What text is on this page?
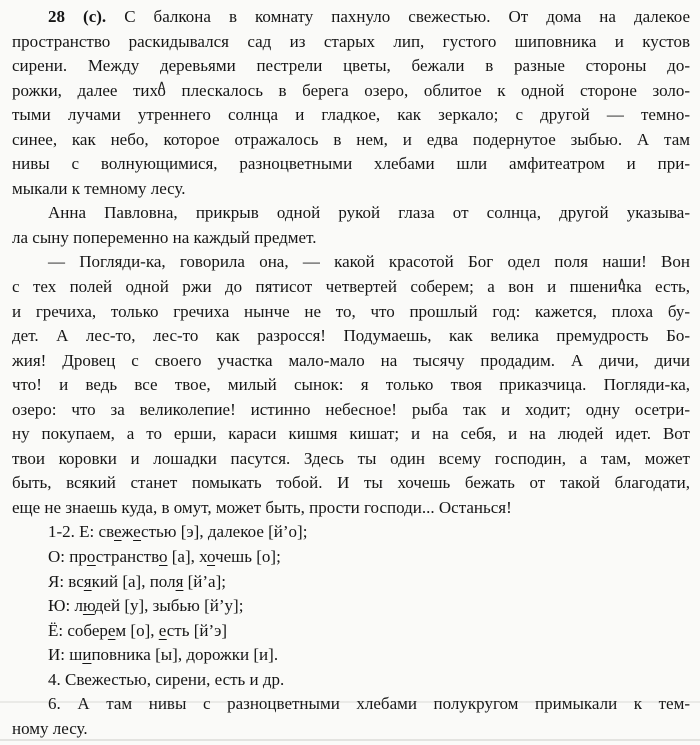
28 (с). С балкона в комнату пахнуло свежестью. От дома на далекое
пространство раскидывался сад из старых лип, густого шиповника и кустов
сирени. Между деревьями пестрели цветы, бежали в разные стороны до-
рожки, далее тихо ∧ плескалось в берега озеро, облитое к одной стороне золо-
тыми лучами утреннего солнца и гладкое, как зеркало; с другой — темно-
синее, как небо, которое отражалось в нем, и едва подернутое зыбью. А там
нивы с волнующимися, разноцветными хлебами шли амфитеатром и при-
мыкали к темному лесу.
Анна Павловна, прикрыв одной рукой глаза от солнца, другой указыва-
ла сыну попеременно на каждый предмет.
— Погляди-ка, говорила она, — какой красотой Бог одел поля наши! Вон
с тех полей одной ржи до пятисот четвертей соберем; а вон и пшенич ∧ка есть,
и гречиха, только гречиха нынче не то, что прошлый год: кажется, плоха бу-
дет. А лес-то, лес-то как разросся! Подумаешь, как велика премудрость Бо-
жия! Дровец с своего участка мало-мало на тысячу продадим. А дичи, дичи
что! и ведь все твое, милый сынок: я только твоя приказчица. Погляди-ка,
озеро: что за великолепие! истинно небесное! рыба так и ходит; одну осетри-
ну покупаем, а то ерши, караси кишмя кишат; и на себя, и на людей идет. Вот
твои коровки и лошадки пасутся. Здесь ты один всему господин, а там, может
быть, всякий станет помыкать тобой. И ты хочешь бежать от такой благодати,
еще не знаешь куда, в омут, может быть, прости господи... Останься!
1-2. Е: свежестью [э], далекое [й’о];
О: пространство [а], хочешь [о];
Я: всякий [а], поля [й’а];
Ю: людей [у], зыбью [й’у];
Ё: соберем [о], есть [й’э]
И: шиповника [ы], дорожки [и].
4. Свежестью, сирени, есть и др.
6. А там нивы с разноцветными хлебами полукругом примыкали к тем-
ному лесу.
